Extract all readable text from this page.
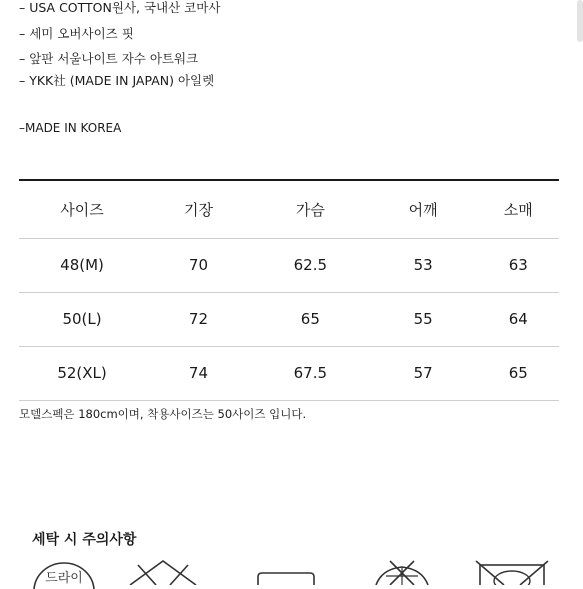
– USA COTTON원사, 국내산 코마사
– 세미 오버사이즈 핏
– 앞판 서울나이트 자수 아트워크
– YKK社 (MADE IN JAPAN) 아일렛
–MADE IN KOREA
사이즈	기장	가슴	어깨	소매
48(M)	70	62.5	53	63
50(L)	72	65	55	64
52(XL)	74	67.5	57	65
모델스펙은 180cm이며, 착용사이즈는 50사이즈 입니다.
세탁 시 주의사항
드라이
